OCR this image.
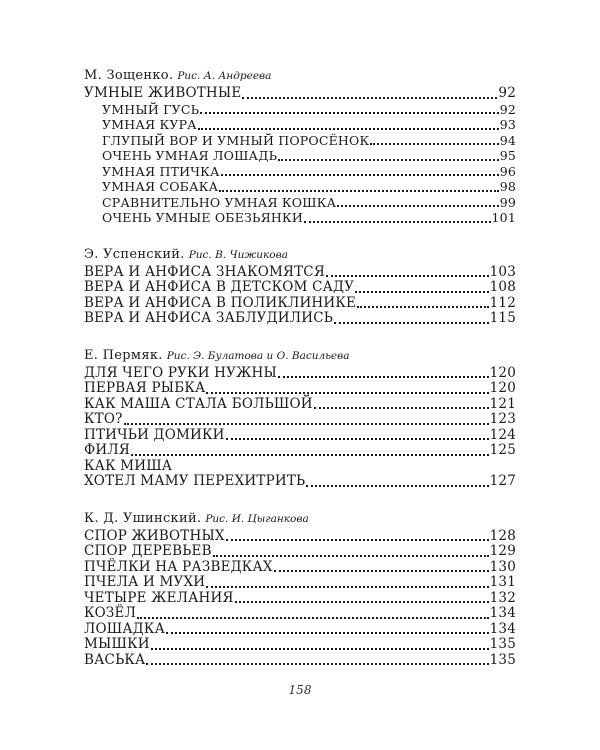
М. Зощенко. Рис. А. Андреева
УМНЫЕ ЖИВОТНЫЕ	92
УМНЫЙ ГУСЬ	92
УМНАЯ КУРА	93
ГЛУПЫЙ ВОР И УМНЫЙ ПОРОСЁНОК	94
ОЧЕНЬ УМНАЯ ЛОШАДЬ	95
УМНАЯ ПТИЧКА	96
УМНАЯ СОБАКА	98
СРАВНИТЕЛЬНО УМНАЯ КОШКА	99
ОЧЕНЬ УМНЫЕ ОБЕЗЬЯНКИ	101
Э. Успенский. Рис. В. Чижикова
ВЕРА И АНФИСА ЗНАКОМЯТСЯ	103
ВЕРА И АНФИСА В ДЕТСКОМ САДУ	108
ВЕРА И АНФИСА В ПОЛИКЛИНИКЕ	112
ВЕРА И АНФИСА ЗАБЛУДИЛИСЬ	115
Е. Пермяк. Рис. Э. Булатова и О. Васильева
ДЛЯ ЧЕГО РУКИ НУЖНЫ	120
ПЕРВАЯ РЫБКА	120
КАК МАША СТАЛА БОЛЬШОЙ	121
КТО?	123
ПТИЧЬИ ДОМИКИ	124
ФИЛЯ	125
КАК МИША
ХОТЕЛ МАМУ ПЕРЕХИТРИТЬ	127
К. Д. Ушинский. Рис. И. Цыганкова
СПОР ЖИВОТНЫХ	128
СПОР ДЕРЕВЬЕВ	129
ПЧЁЛКИ НА РАЗВЕДКАХ	130
ПЧЕЛА И МУХИ	131
ЧЕТЫРЕ ЖЕЛАНИЯ	132
КОЗЁЛ	134
ЛОШАДКА	134
МЫШКИ	135
ВАСЬКА	135
158
